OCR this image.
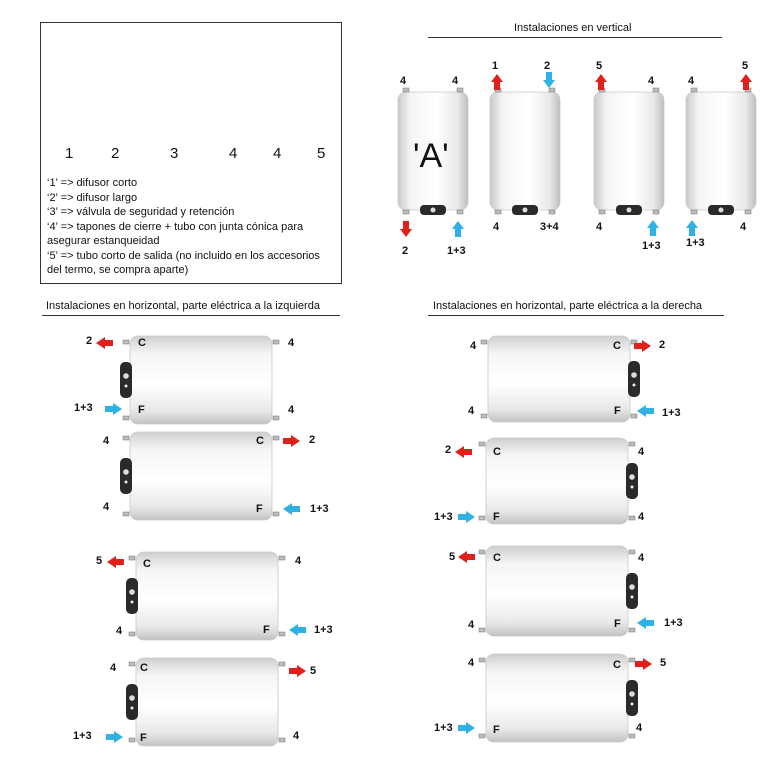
1	2	3	4 4 5
‘1’ => difusor corto
‘2’ => difusor largo
‘3’ => válvula de seguridad y retención
‘4’ => tapones de cierre + tubo con junta cónica para
asegurar estanqueidad
‘5’ => tubo corto de salida (no incluido en los accesorios
del termo, se compra aparte)
Instalaciones en vertical
Instalaciones en horizontal, parte eléctrica a la izquierda	Instalaciones en horizontal, parte eléctrica a la derecha
'A'
4	4
2	1+3
1	2
4	3+4
5
4
4
1+3
4
5
1+3
4
C
2	4
F
1+3	4
4	C	2
4	F	1+3
C
5	4
4	F	1+3
4 C	5
1+3	F	4
4	C	2
4	F	1+3
2	C	4
1+3	F	4
5	C	4
4	F	1+3
4	C	5
1+3	F	4
